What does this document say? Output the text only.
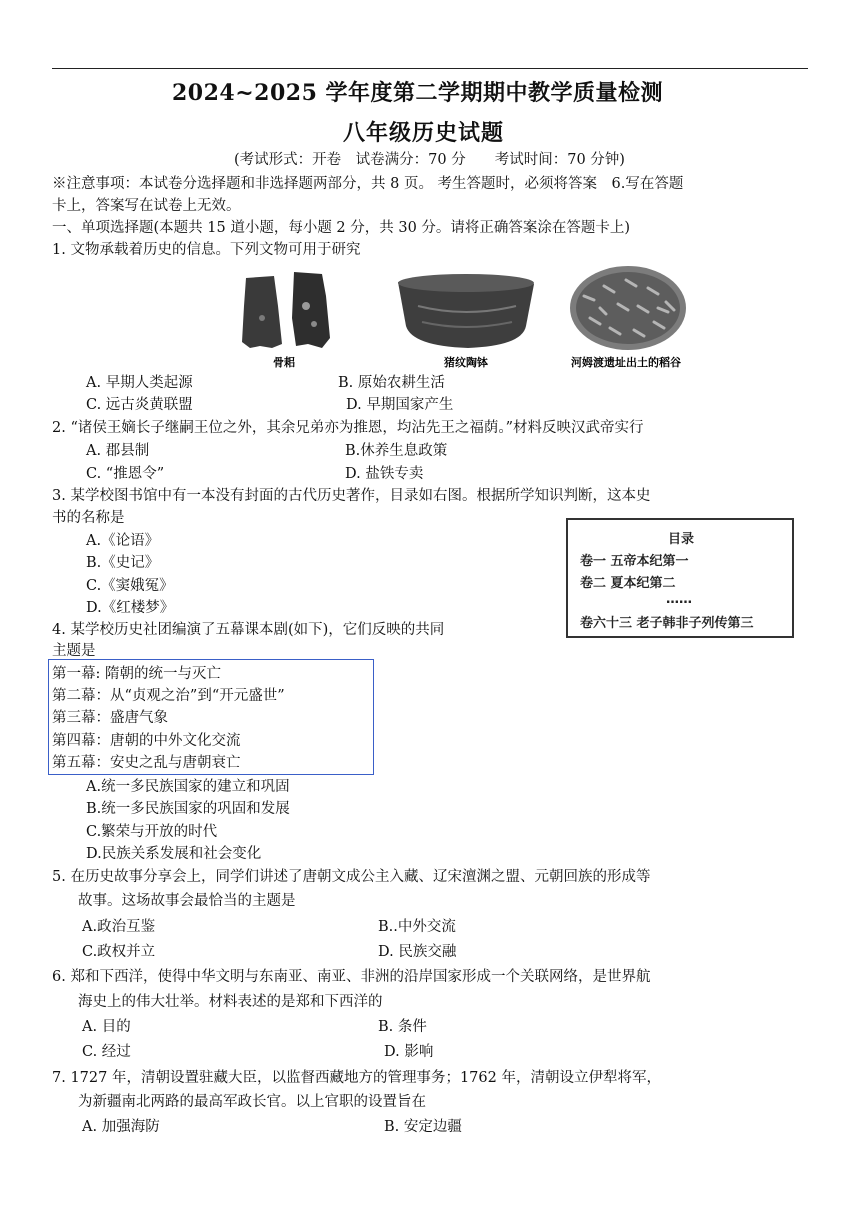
2024~2025 学年度第二学期期中教学质量检测
八年级历史试题
(考试形式：开卷　试卷满分：70 分　　考试时间：70 分钟)
※注意事项：本试卷分选择题和非选择题两部分，共 8 页。 考生答题时，必须将答案　6.写在答题
卡上，答案写在试卷上无效。
一、单项选择题(本题共 15 道小题，每小题 2 分，共 30 分。请将正确答案涂在答题卡上)
1. 文物承载着历史的信息。下列文物可用于研究
骨耜	猪纹陶钵	河姆渡遗址出土的稻谷
A. 早期人类起源	B. 原始农耕生活
C. 远古炎黄联盟	D. 早期国家产生
2. “诸侯王嫡长子继嗣王位之外，其余兄弟亦为推恩，均沾先王之福荫。”材料反映汉武帝实行
A. 郡县制	B.休养生息政策
C. “推恩令”	D. 盐铁专卖
3. 某学校图书馆中有一本没有封面的古代历史著作，目录如右图。根据所学知识判断，这本史
书的名称是
A.《论语》
B.《史记》
C.《窦娥冤》
D.《红楼梦》
目录
卷一 五帝本纪第一
卷二 夏本纪第二
……
卷六十三 老子韩非子列传第三
4. 某学校历史社团编演了五幕课本剧(如下)，它们反映的共同
主题是
第一幕: 隋朝的统一与灭亡
第二幕：从“贞观之治”到“开元盛世”
第三幕：盛唐气象
第四幕：唐朝的中外文化交流
第五幕：安史之乱与唐朝衰亡
A.统一多民族国家的建立和巩固
B.统一多民族国家的巩固和发展
C.繁荣与开放的时代
D.民族关系发展和社会变化
5. 在历史故事分享会上，同学们讲述了唐朝文成公主入藏、辽宋澶渊之盟、元朝回族的形成等
故事。这场故事会最恰当的主题是
A.政治互鉴	B..中外交流
C.政权并立	D. 民族交融
6. 郑和下西洋，使得中华文明与东南亚、南亚、非洲的沿岸国家形成一个关联网络，是世界航
海史上的伟大壮举。材料表述的是郑和下西洋的
A. 目的	B. 条件
C. 经过	D. 影响
7. 1727 年，清朝设置驻藏大臣，以监督西藏地方的管理事务；1762 年，清朝设立伊犁将军，
为新疆南北两路的最高军政长官。以上官职的设置旨在
A. 加强海防	B. 安定边疆
